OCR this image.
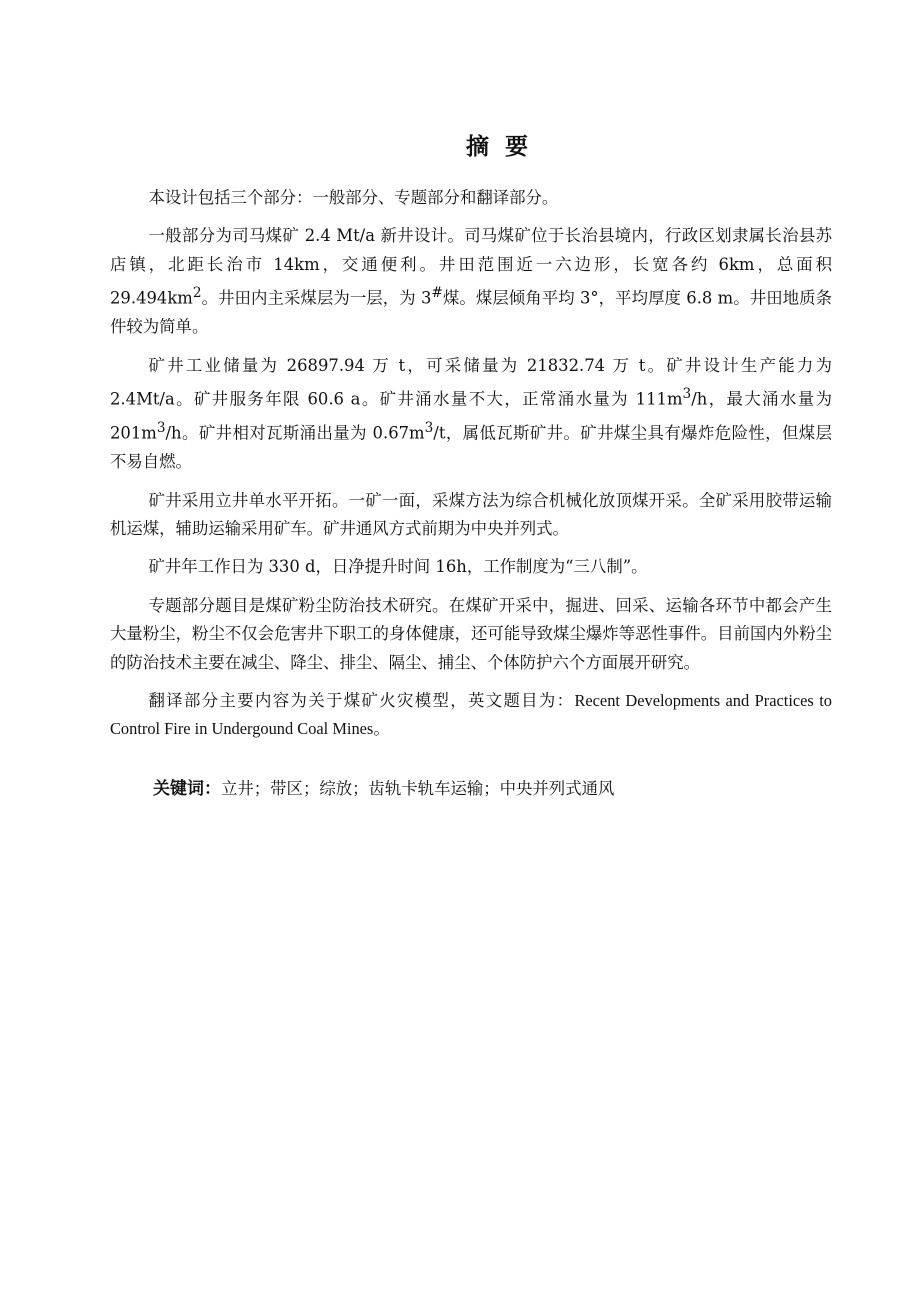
摘  要

本设计包括三个部分：一般部分、专题部分和翻译部分。

一般部分为司马煤矿 2.4 Mt/a 新井设计。司马煤矿位于长治县境内，行政区划隶属长治县苏店镇，北距长治市 14km，交通便利。井田范围近一六边形，长宽各约 6km，总面积 $29.494km^2$。井田内主采煤层为一层，为 3#煤。煤层倾角平均 3°，平均厚度 6.8 m。井田地质条件较为简单。

矿井工业储量为 26897.94 万 t，可采储量为 21832.74 万 t。矿井设计生产能力为 2.4Mt/a。矿井服务年限 60.6 a。矿井涌水量不大，正常涌水量为 $111m^3/h$，最大涌水量为 $201m^3/h$。矿井相对瓦斯涌出量为 $0.67m^3/t$，属低瓦斯矿井。矿井煤尘具有爆炸危险性，但煤层不易自燃。

矿井采用立井单水平开拓。一矿一面，采煤方法为综合机械化放顶煤开采。全矿采用胶带运输机运煤，辅助运输采用矿车。矿井通风方式前期为中央并列式。

矿井年工作日为 330 d，日净提升时间 16h，工作制度为“三八制”。

专题部分题目是煤矿粉尘防治技术研究。在煤矿开采中，掘进、回采、运输各环节中都会产生大量粉尘，粉尘不仅会危害井下职工的身体健康，还可能导致煤尘爆炸等恶性事件。目前国内外粉尘的防治技术主要在减尘、降尘、排尘、隔尘、捕尘、个体防护六个方面展开研究。

翻译部分主要内容为关于煤矿火灾模型，英文题目为：Recent Developments and Practices to Control Fire in Undergound Coal Mines。

关键词：立井；带区；综放；齿轨卡轨车运输；中央并列式通风
